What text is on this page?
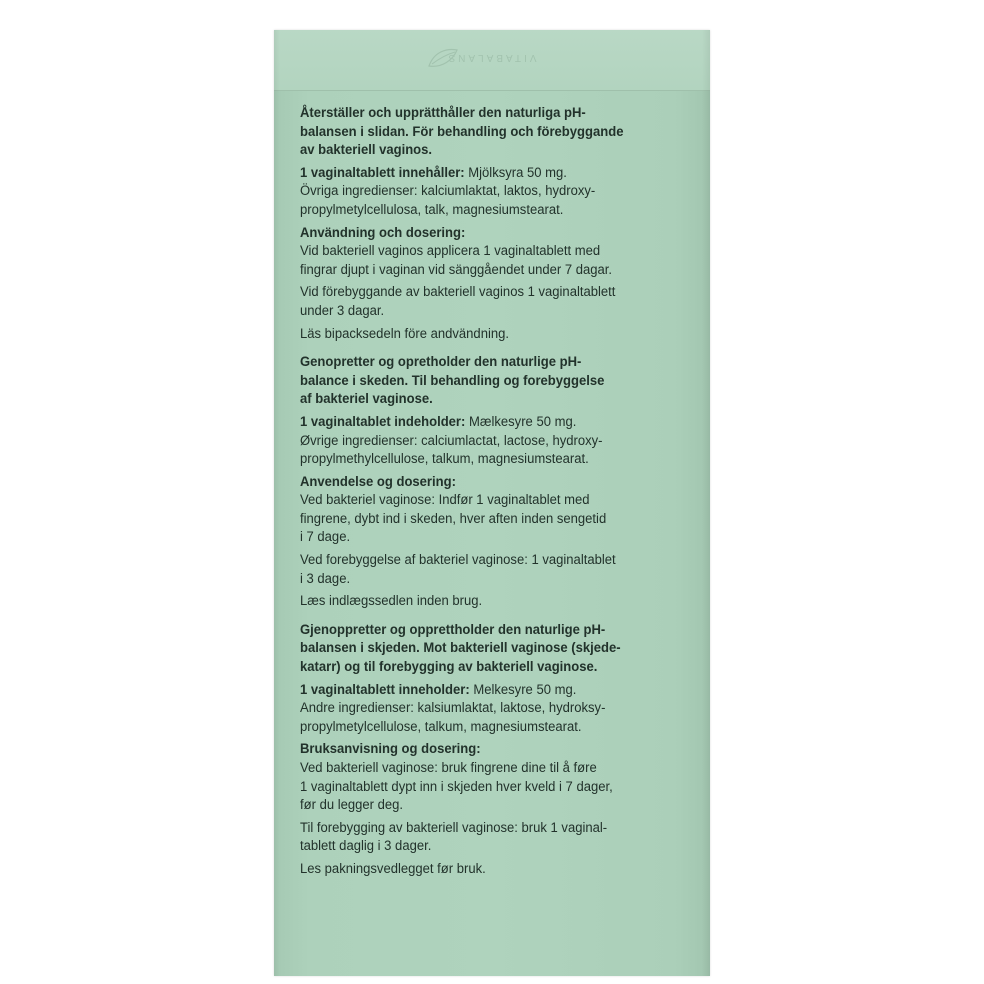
VITABALANS

Återställer och upprätthåller den naturliga pH-

balansen i slidan. För behandling och förebyggande

av bakteriell vaginos.

1 vaginaltablett innehåller: Mjölksyra 50 mg.

Övriga ingredienser: kalciumlaktat, laktos, hydroxy-

propylmetylcellulosa, talk, magnesiumstearat.

Användning och dosering:

Vid bakteriell vaginos applicera 1 vaginaltablett med

fingrar djupt i vaginan vid sänggåendet under 7 dagar.

Vid förebyggande av bakteriell vaginos 1 vaginaltablett

under 3 dagar.

Läs bipacksedeln före andvändning.

Genopretter og opretholder den naturlige pH-

balance i skeden. Til behandling og forebyggelse

af bakteriel vaginose.

1 vaginaltablet indeholder: Mælkesyre 50 mg.

Øvrige ingredienser: calciumlactat, lactose, hydroxy-

propylmethylcellulose, talkum, magnesiumstearat.

Anvendelse og dosering:

Ved bakteriel vaginose: Indfør 1 vaginaltablet med

fingrene, dybt ind i skeden, hver aften inden sengetid

i 7 dage.

Ved forebyggelse af bakteriel vaginose: 1 vaginaltablet

i 3 dage.

Læs indlægssedlen inden brug.

Gjenoppretter og opprettholder den naturlige pH-

balansen i skjeden. Mot bakteriell vaginose (skjede-

katarr) og til forebygging av bakteriell vaginose.

1 vaginaltablett inneholder: Melkesyre 50 mg.

Andre ingredienser: kalsiumlaktat, laktose, hydroksy-

propylmetylcellulose, talkum, magnesiumstearat.

Bruksanvisning og dosering:

Ved bakteriell vaginose: bruk fingrene dine til å føre

1 vaginaltablett dypt inn i skjeden hver kveld i 7 dager,

før du legger deg.

Til forebygging av bakteriell vaginose: bruk 1 vaginal-

tablett daglig i 3 dager.

Les pakningsvedlegget før bruk.
